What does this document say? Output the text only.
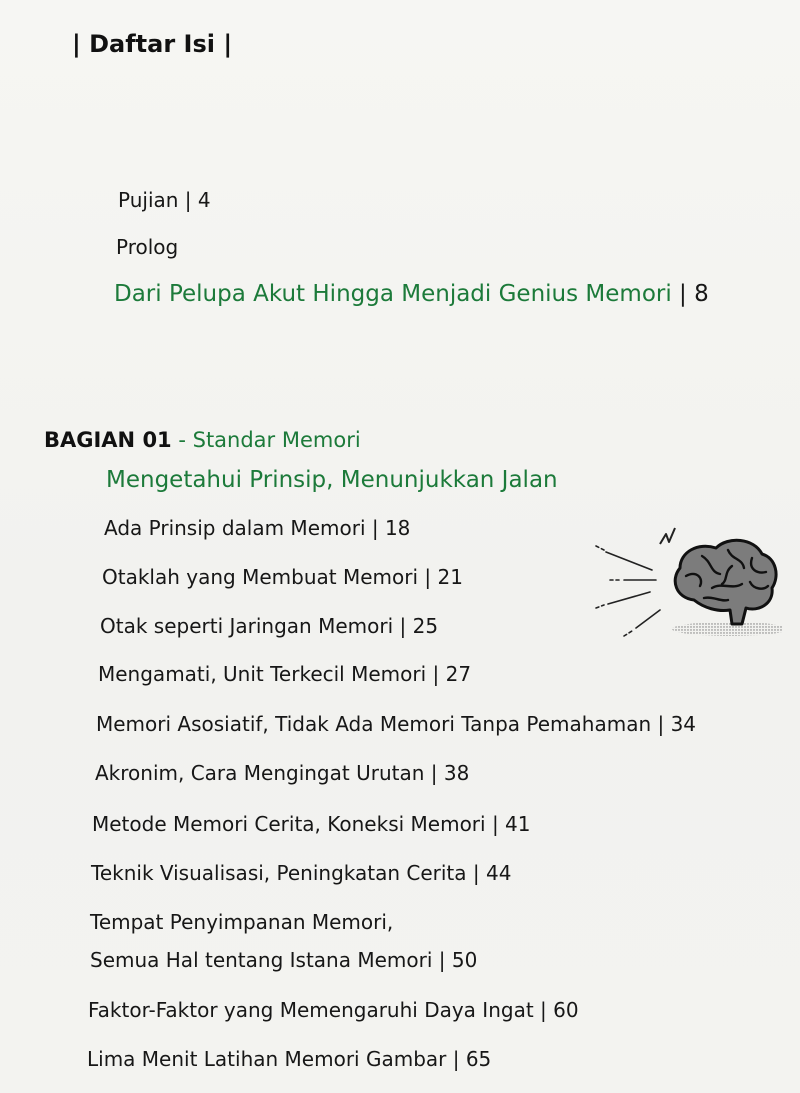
| Daftar Isi |
Pujian | 4
Prolog
Dari Pelupa Akut Hingga Menjadi Genius Memori | 8
BAGIAN 01 - Standar Memori
Mengetahui Prinsip, Menunjukkan Jalan
Ada Prinsip dalam Memori | 18
Otaklah yang Membuat Memori | 21
Otak seperti Jaringan Memori | 25
Mengamati, Unit Terkecil Memori | 27
Memori Asosiatif, Tidak Ada Memori Tanpa Pemahaman | 34
Akronim, Cara Mengingat Urutan | 38
Metode Memori Cerita, Koneksi Memori | 41
Teknik Visualisasi, Peningkatan Cerita | 44
Tempat Penyimpanan Memori,
Semua Hal tentang Istana Memori | 50
Faktor-Faktor yang Memengaruhi Daya Ingat | 60
Lima Menit Latihan Memori Gambar | 65
